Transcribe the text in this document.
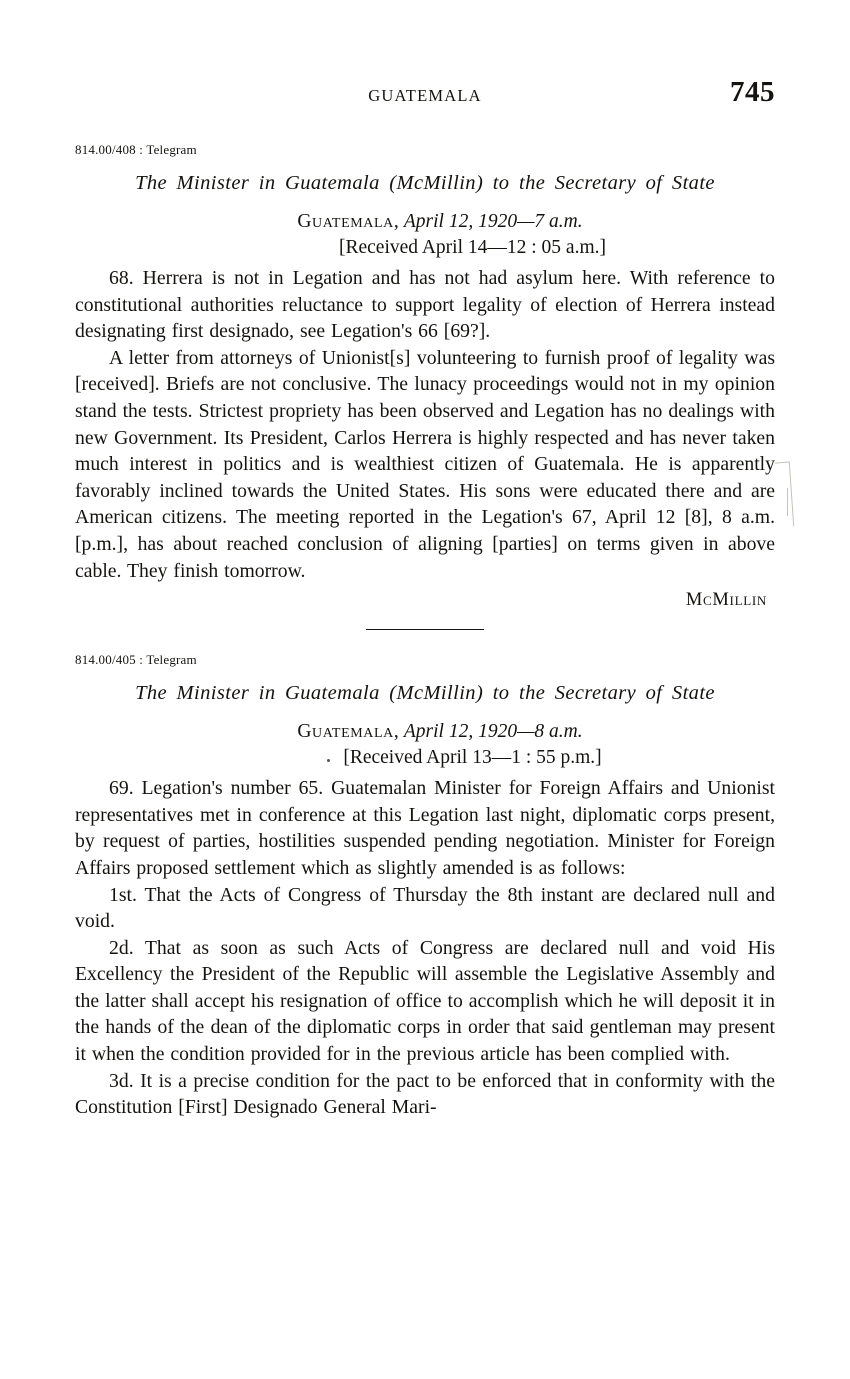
GUATEMALA	745
814.00/408 : Telegram
The Minister in Guatemala (McMillin) to the Secretary of State
Guatemala, April 12, 1920—7 a.m.
[Received April 14—12 : 05 a.m.]

68. Herrera is not in Legation and has not had asylum here. With reference to constitutional authorities reluctance to support legality of election of Herrera instead designating first designado, see Legation's 66 [69?].

A letter from attorneys of Unionist[s] volunteering to furnish proof of legality was [received]. Briefs are not conclusive. The lunacy proceedings would not in my opinion stand the tests. Strictest propriety has been observed and Legation has no dealings with new Government. Its President, Carlos Herrera is highly respected and has never taken much interest in politics and is wealthiest citizen of Guatemala. He is apparently favorably inclined towards the United States. His sons were educated there and are American citizens. The meeting reported in the Legation's 67, April 12 [8], 8 a.m. [p.m.], has about reached conclusion of aligning [parties] on terms given in above cable. They finish tomorrow.

McMillin
814.00/405 : Telegram
The Minister in Guatemala (McMillin) to the Secretary of State
Guatemala, April 12, 1920—8 a.m.
[Received April 13—1 : 55 p.m.]

69. Legation's number 65. Guatemalan Minister for Foreign Affairs and Unionist representatives met in conference at this Legation last night, diplomatic corps present, by request of parties, hostilities suspended pending negotiation. Minister for Foreign Affairs proposed settlement which as slightly amended is as follows:

1st. That the Acts of Congress of Thursday the 8th instant are declared null and void.

2d. That as soon as such Acts of Congress are declared null and void His Excellency the President of the Republic will assemble the Legislative Assembly and the latter shall accept his resignation of office to accomplish which he will deposit it in the hands of the dean of the diplomatic corps in order that said gentleman may present it when the condition provided for in the previous article has been complied with.

3d. It is a precise condition for the pact to be enforced that in conformity with the Constitution [First] Designado General Mari-
